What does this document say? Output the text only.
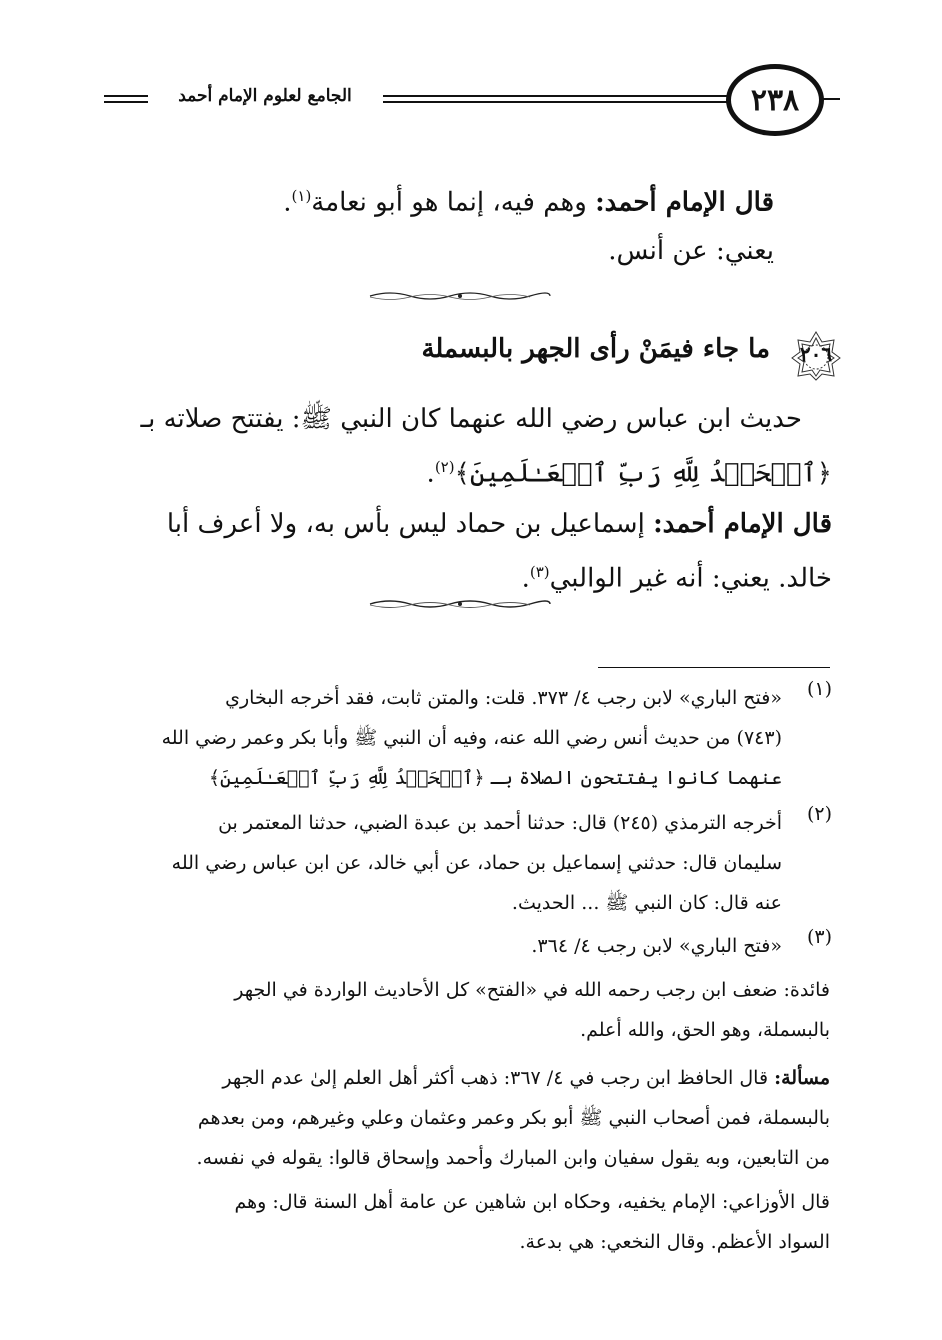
الجامع لعلوم الإمام أحمد	٢٣٨
قال الإمام أحمد: وهم فيه، إنما هو أبو نعامة$^{(١)}$.
يعني: عن أنس.
٢٠٦
ما جاء فيمَنْ رأى الجهر بالبسملة
حديث ابن عباس رضي الله عنهما كان النبي ﷺ: يفتتح صلاته بـ
﴿ٱلۡحَمۡدُ لِلَّهِ رَبِّ ٱلۡعَـٰلَمِينَ﴾$^{(٢)}$.
قال الإمام أحمد: إسماعيل بن حماد ليس بأس به، ولا أعرف أبا
خالد. يعني: أنه غير الوالبي$^{(٣)}$.
(١)
«فتح الباري» لابن رجب ٤/ ٣٧٣. قلت: والمتن ثابت، فقد أخرجه البخاري
(٧٤٣) من حديث أنس رضي الله عنه، وفيه أن النبي ﷺ وأبا بكر وعمر رضي الله
عنهما كانوا يفتتحون الصلاة بـ ﴿ٱلۡحَمۡدُ لِلَّهِ رَبِّ ٱلۡعَـٰلَمِينَ﴾
(٢)
أخرجه الترمذي (٢٤٥) قال: حدثنا أحمد بن عبدة الضبي، حدثنا المعتمر بن
سليمان قال: حدثني إسماعيل بن حماد، عن أبي خالد، عن ابن عباس رضي الله
عنه قال: كان النبي ﷺ ... الحديث.
(٣)
«فتح الباري» لابن رجب ٤/ ٣٦٤.
فائدة: ضعف ابن رجب رحمه الله في «الفتح» كل الأحاديث الواردة في الجهر
بالبسملة، وهو الحق، والله أعلم.
مسألة: قال الحافظ ابن رجب في ٤/ ٣٦٧: ذهب أكثر أهل العلم إلىٰ عدم الجهر
بالبسملة، فمن أصحاب النبي ﷺ أبو بكر وعمر وعثمان وعلي وغيرهم، ومن بعدهم
من التابعين، وبه يقول سفيان وابن المبارك وأحمد وإسحاق قالوا: يقوله في نفسه.
قال الأوزاعي: الإمام يخفيه، وحكاه ابن شاهين عن عامة أهل السنة قال: وهم
السواد الأعظم. وقال النخعي: هي بدعة.
